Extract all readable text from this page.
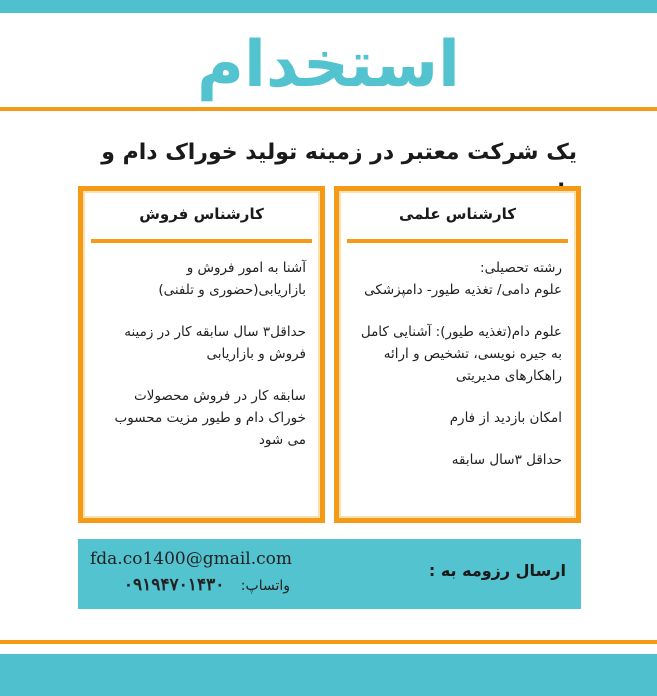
استخدام
یک شرکت معتبر در زمینه تولید خوراک دام و
کارشناس علمی

رشته تحصیلی:
علوم دامی/ تغذیه طیور- دامپزشکی

علوم دام(تغذیه طیور): آشنایی کامل به جیره نویسی، تشخیص و ارائه راهکارهای مدیریتی

امکان بازدید از فارم

حداقل ۳سال سابقه

کارشناس فروش

آشنا به امور فروش و بازاریابی(حضوری و تلفنی)

حداقل۳ سال سابقه کار در زمینه فروش و بازاریابی

سابقه کار در فروش محصولات خوراک دام و طیور مزیت محسوب می شود

ارسال رزومه به :
fda.co1400@gmail.com
واتساپ: ۰۹۱۹۴۷۰۱۴۳۰
